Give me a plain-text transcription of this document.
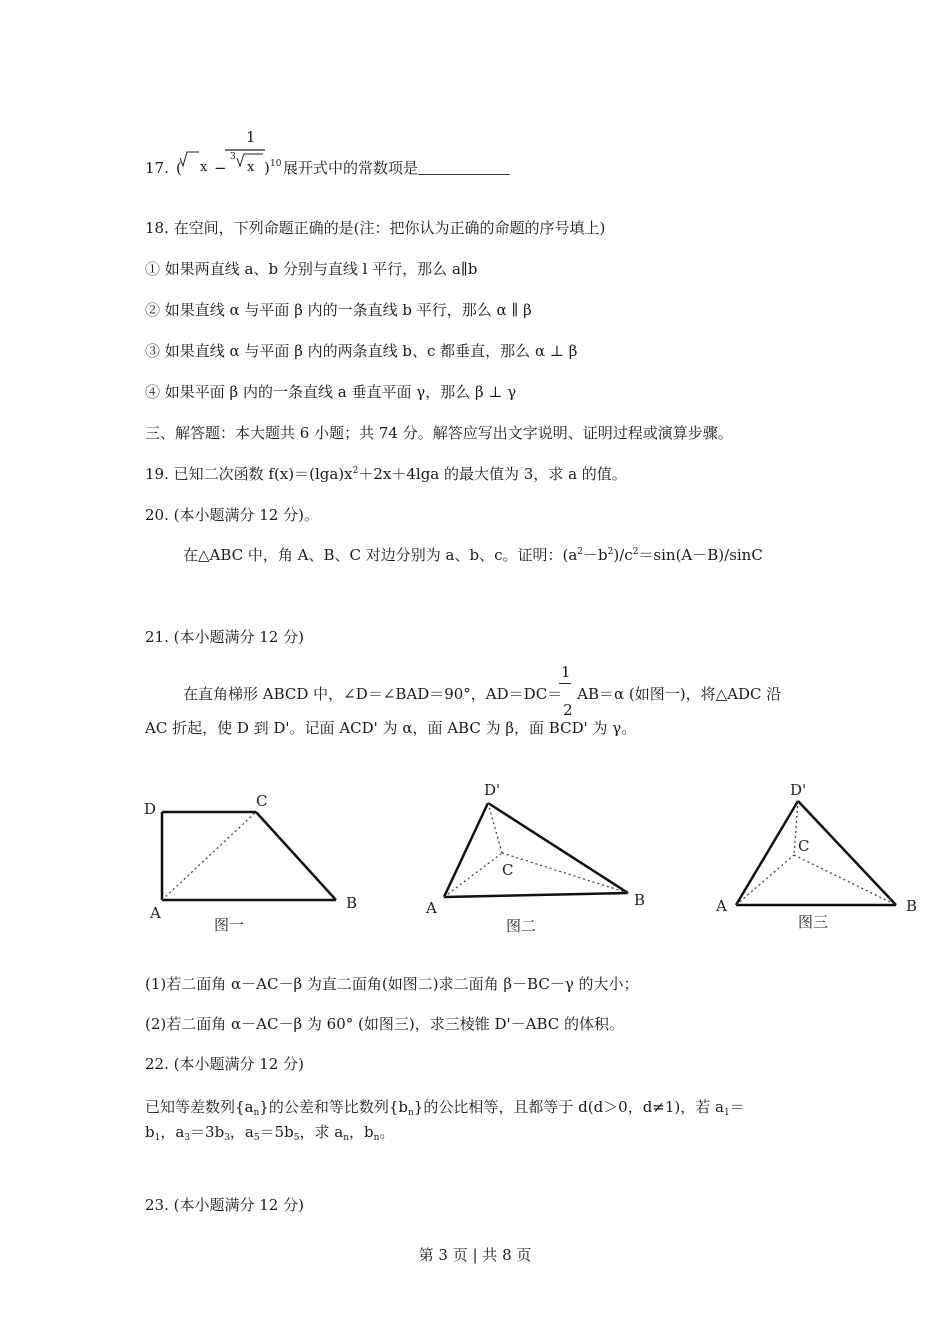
1
17. ( x −
3
x ) 10 展开式中的常数项是
18. 在空间，下列命题正确的是(注：把你认为正确的命题的序号填上)
① 如果两直线 a、b 分别与直线 l 平行，那么 a∥b
② 如果直线 α 与平面 β 内的一条直线 b 平行，那么 α ∥ β
③ 如果直线 α 与平面 β 内的两条直线 b、c 都垂直，那么 α ⊥ β
④ 如果平面 β 内的一条直线 a 垂直平面 γ，那么 β ⊥ γ
三、解答题：本大题共 6 小题；共 74 分。解答应写出文字说明、证明过程或演算步骤。
19. 已知二次函数 $f(x)=(\lg a)x^2+2x+4\lg a$ 的最大值为 3，求 a 的值。
20. (本小题满分 12 分)。
在△ABC 中，角 A、B、C 对边分别为 a、b、c。证明：$(a^2-b^2)/c^2=\sin(A-B)$/sinC
21. (本小题满分 12 分)
1
在直角梯形 ABCD 中，∠D＝∠BAD＝90°，AD＝DC＝
2
AB＝α (如图一)，将△ADC 沿
AC 折起，使 D 到 D'。记面 ACD' 为 α，面 ABC 为 β，面 BCD' 为 γ。
D	C
A
B
图一
D'
C
A	B
图二
D'
C
A	B
图三
(1)若二面角 α－AC－β 为直二面角(如图二)求二面角 β－BC－γ 的大小；
(2)若二面角 α－AC－β 为 60° (如图三)，求三棱锥 D'－ABC 的体积。
22. (本小题满分 12 分)
已知等差数列$\{a_n\}$的公差和等比数列$\{b_n\}$的公比相等，且都等于 d(d＞0，d≠1)，若 $a_1=$
$b_1$，$a_3=3b_3$，$a_5=5b_5$，求 $a_n$，$b_n$。
23. (本小题满分 12 分)
第 3 页 | 共 8 页
